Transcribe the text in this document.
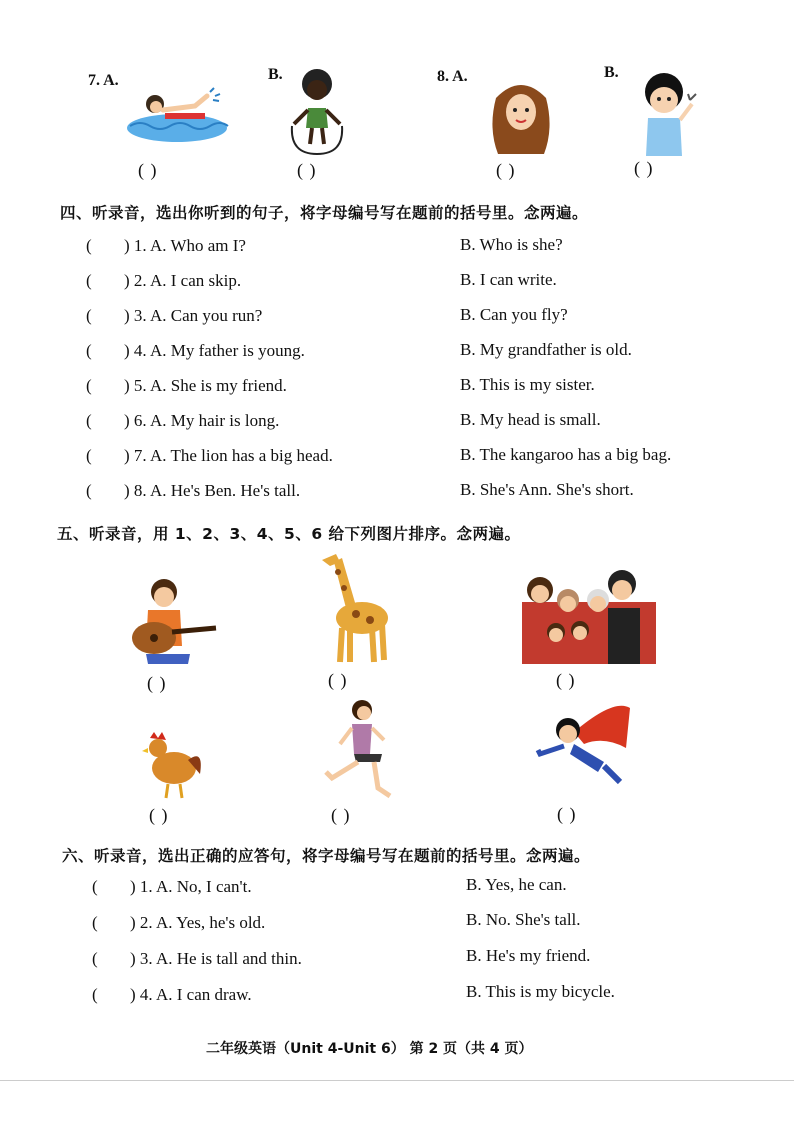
7. A.	B.	8. A.	B.
( )	( )	( )	( )
四、听录音，选出你听到的句子，将字母编号写在题前的括号里。念两遍。
( ) 1. A. Who am I?	B. Who is she?
( ) 2. A. I can skip.	B. I can write.
( ) 3. A. Can you run?	B. Can you fly?
( ) 4. A. My father is young.	B. My grandfather is old.
( ) 5. A. She is my friend.	B. This is my sister.
( ) 6. A. My hair is long.	B. My head is small.
( ) 7. A. The lion has a big head.	B. The kangaroo has a big bag.
( ) 8. A. He's Ben. He's tall.	B. She's Ann. She's short.
五、听录音，用 1、2、3、4、5、6 给下列图片排序。念两遍。
( )	( )	( )
( )	( )	( )
六、听录音，选出正确的应答句，将字母编号写在题前的括号里。念两遍。
( ) 1. A. No, I can't.	B. Yes, he can.
( ) 2. A. Yes, he's old.	B. No. She's tall.
( ) 3. A. He is tall and thin.	B. He's my friend.
( ) 4. A. I can draw.	B. This is my bicycle.
二年级英语（Unit 4-Unit 6） 第 2 页（共 4 页）
